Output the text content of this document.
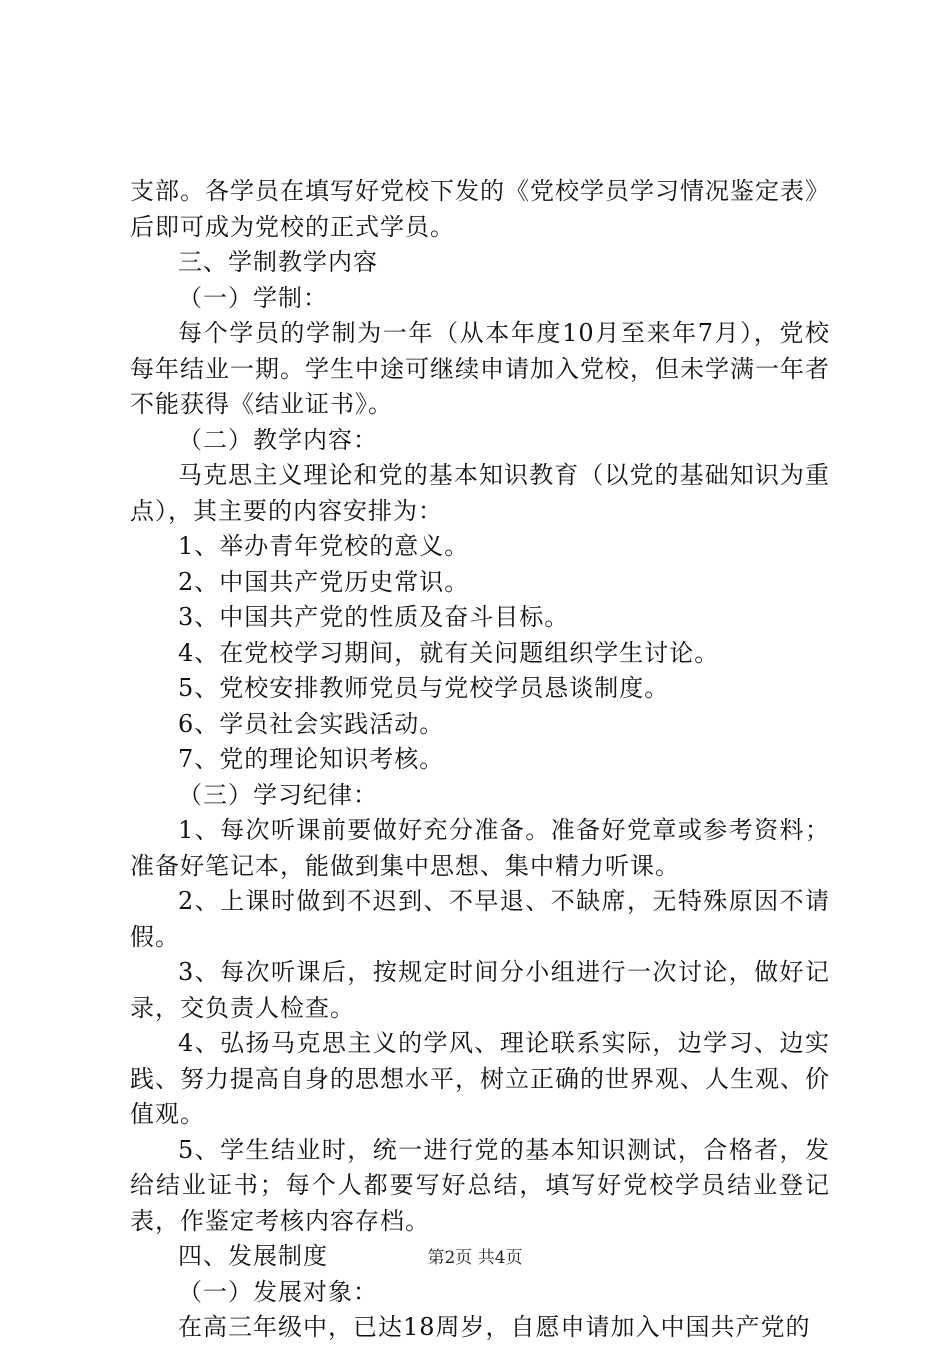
支部。各学员在填写好党校下发的《党校学员学习情况鉴定表》后即可成为党校的正式学员。

三、学制教学内容

（一）学制：

每个学员的学制为一年（从本年度10月至来年7月），党校每年结业一期。学生中途可继续申请加入党校，但未学满一年者不能获得《结业证书》。

（二）教学内容：

马克思主义理论和党的基本知识教育（以党的基础知识为重点），其主要的内容安排为：

1、举办青年党校的意义。

2、中国共产党历史常识。

3、中国共产党的性质及奋斗目标。

4、在党校学习期间，就有关问题组织学生讨论。

5、党校安排教师党员与党校学员恳谈制度。

6、学员社会实践活动。

7、党的理论知识考核。

（三）学习纪律：

1、每次听课前要做好充分准备。准备好党章或参考资料；准备好笔记本，能做到集中思想、集中精力听课。

2、上课时做到不迟到、不早退、不缺席，无特殊原因不请假。

3、每次听课后，按规定时间分小组进行一次讨论，做好记录，交负责人检查。

4、弘扬马克思主义的学风、理论联系实际，边学习、边实践、努力提高自身的思想水平，树立正确的世界观、人生观、价值观。

5、学生结业时，统一进行党的基本知识测试，合格者，发给结业证书；每个人都要写好总结，填写好党校学员结业登记表，作鉴定考核内容存档。

四、发展制度

（一）发展对象：

在高三年级中，已达18周岁，自愿申请加入中国共产党的

第2页 共4页
